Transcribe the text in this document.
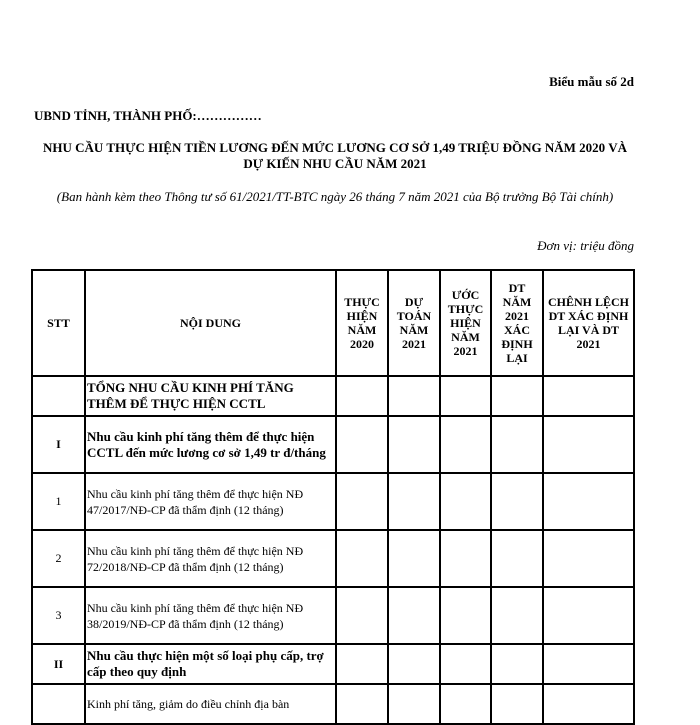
Biểu mẫu số 2d
UBND TỈNH, THÀNH PHỐ:……………
NHU CẦU THỰC HIỆN TIỀN LƯƠNG ĐẾN MỨC LƯƠNG CƠ SỞ 1,49 TRIỆU ĐỒNG NĂM 2020 VÀ DỰ KIẾN NHU CẦU NĂM 2021
(Ban hành kèm theo Thông tư số 61/2021/TT-BTC ngày 26 tháng 7 năm 2021 của Bộ trưởng Bộ Tài chính)
Đơn vị: triệu đồng
STT	NỘI DUNG	THỰC HIỆN NĂM 2020	DỰ TOÁN NĂM 2021	ƯỚC THỰC HIỆN NĂM 2021	DT NĂM 2021 XÁC ĐỊNH LẠI	CHÊNH LỆCH DT XÁC ĐỊNH LẠI VÀ DT 2021
	TỔNG NHU CẦU KINH PHÍ TĂNG THÊM ĐỂ THỰC HIỆN CCTL					
I	Nhu cầu kinh phí tăng thêm để thực hiện CCTL đến mức lương cơ sở 1,49 tr đ/tháng					
1	Nhu cầu kinh phí tăng thêm để thực hiện NĐ 47/2017/NĐ-CP đã thẩm định (12 tháng)					
2	Nhu cầu kinh phí tăng thêm để thực hiện NĐ 72/2018/NĐ-CP đã thẩm định (12 tháng)					
3	Nhu cầu kinh phí tăng thêm để thực hiện NĐ 38/2019/NĐ-CP đã thẩm định (12 tháng)					
II	Nhu cầu thực hiện một số loại phụ cấp, trợ cấp theo quy định					
	Kinh phí tăng, giảm do điều chỉnh địa bàn					
